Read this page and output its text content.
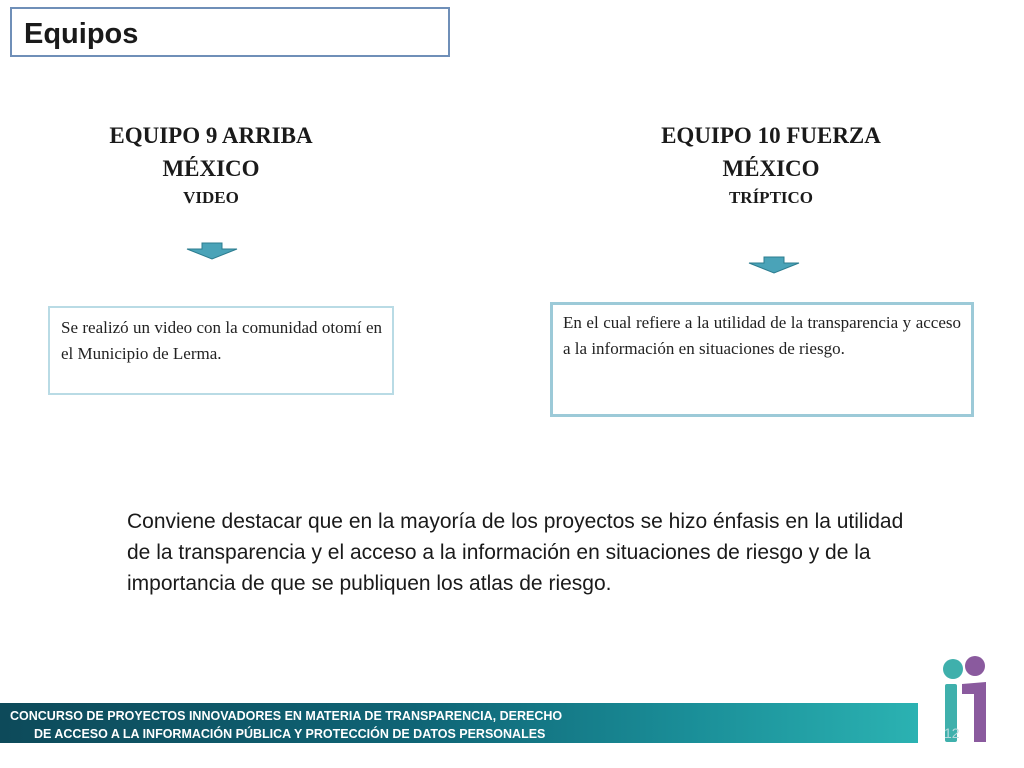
Equipos
EQUIPO 9 ARRIBA
MÉXICO
VIDEO
EQUIPO 10 FUERZA
MÉXICO
TRÍPTICO

Se realizó un video con la comunidad otomí en el Municipio de Lerma.

En el cual refiere a la utilidad de la transparencia y acceso a la información en situaciones de riesgo.

Conviene destacar que en la mayoría de los proyectos se hizo énfasis en la utilidad de la transparencia y el acceso a la información en situaciones de riesgo y de la importancia de que se publiquen los atlas de riesgo.
CONCURSO DE PROYECTOS INNOVADORES EN MATERIA DE TRANSPARENCIA, DERECHO
DE ACCESO A LA INFORMACIÓN PÚBLICA Y PROTECCIÓN DE DATOS PERSONALES	12
